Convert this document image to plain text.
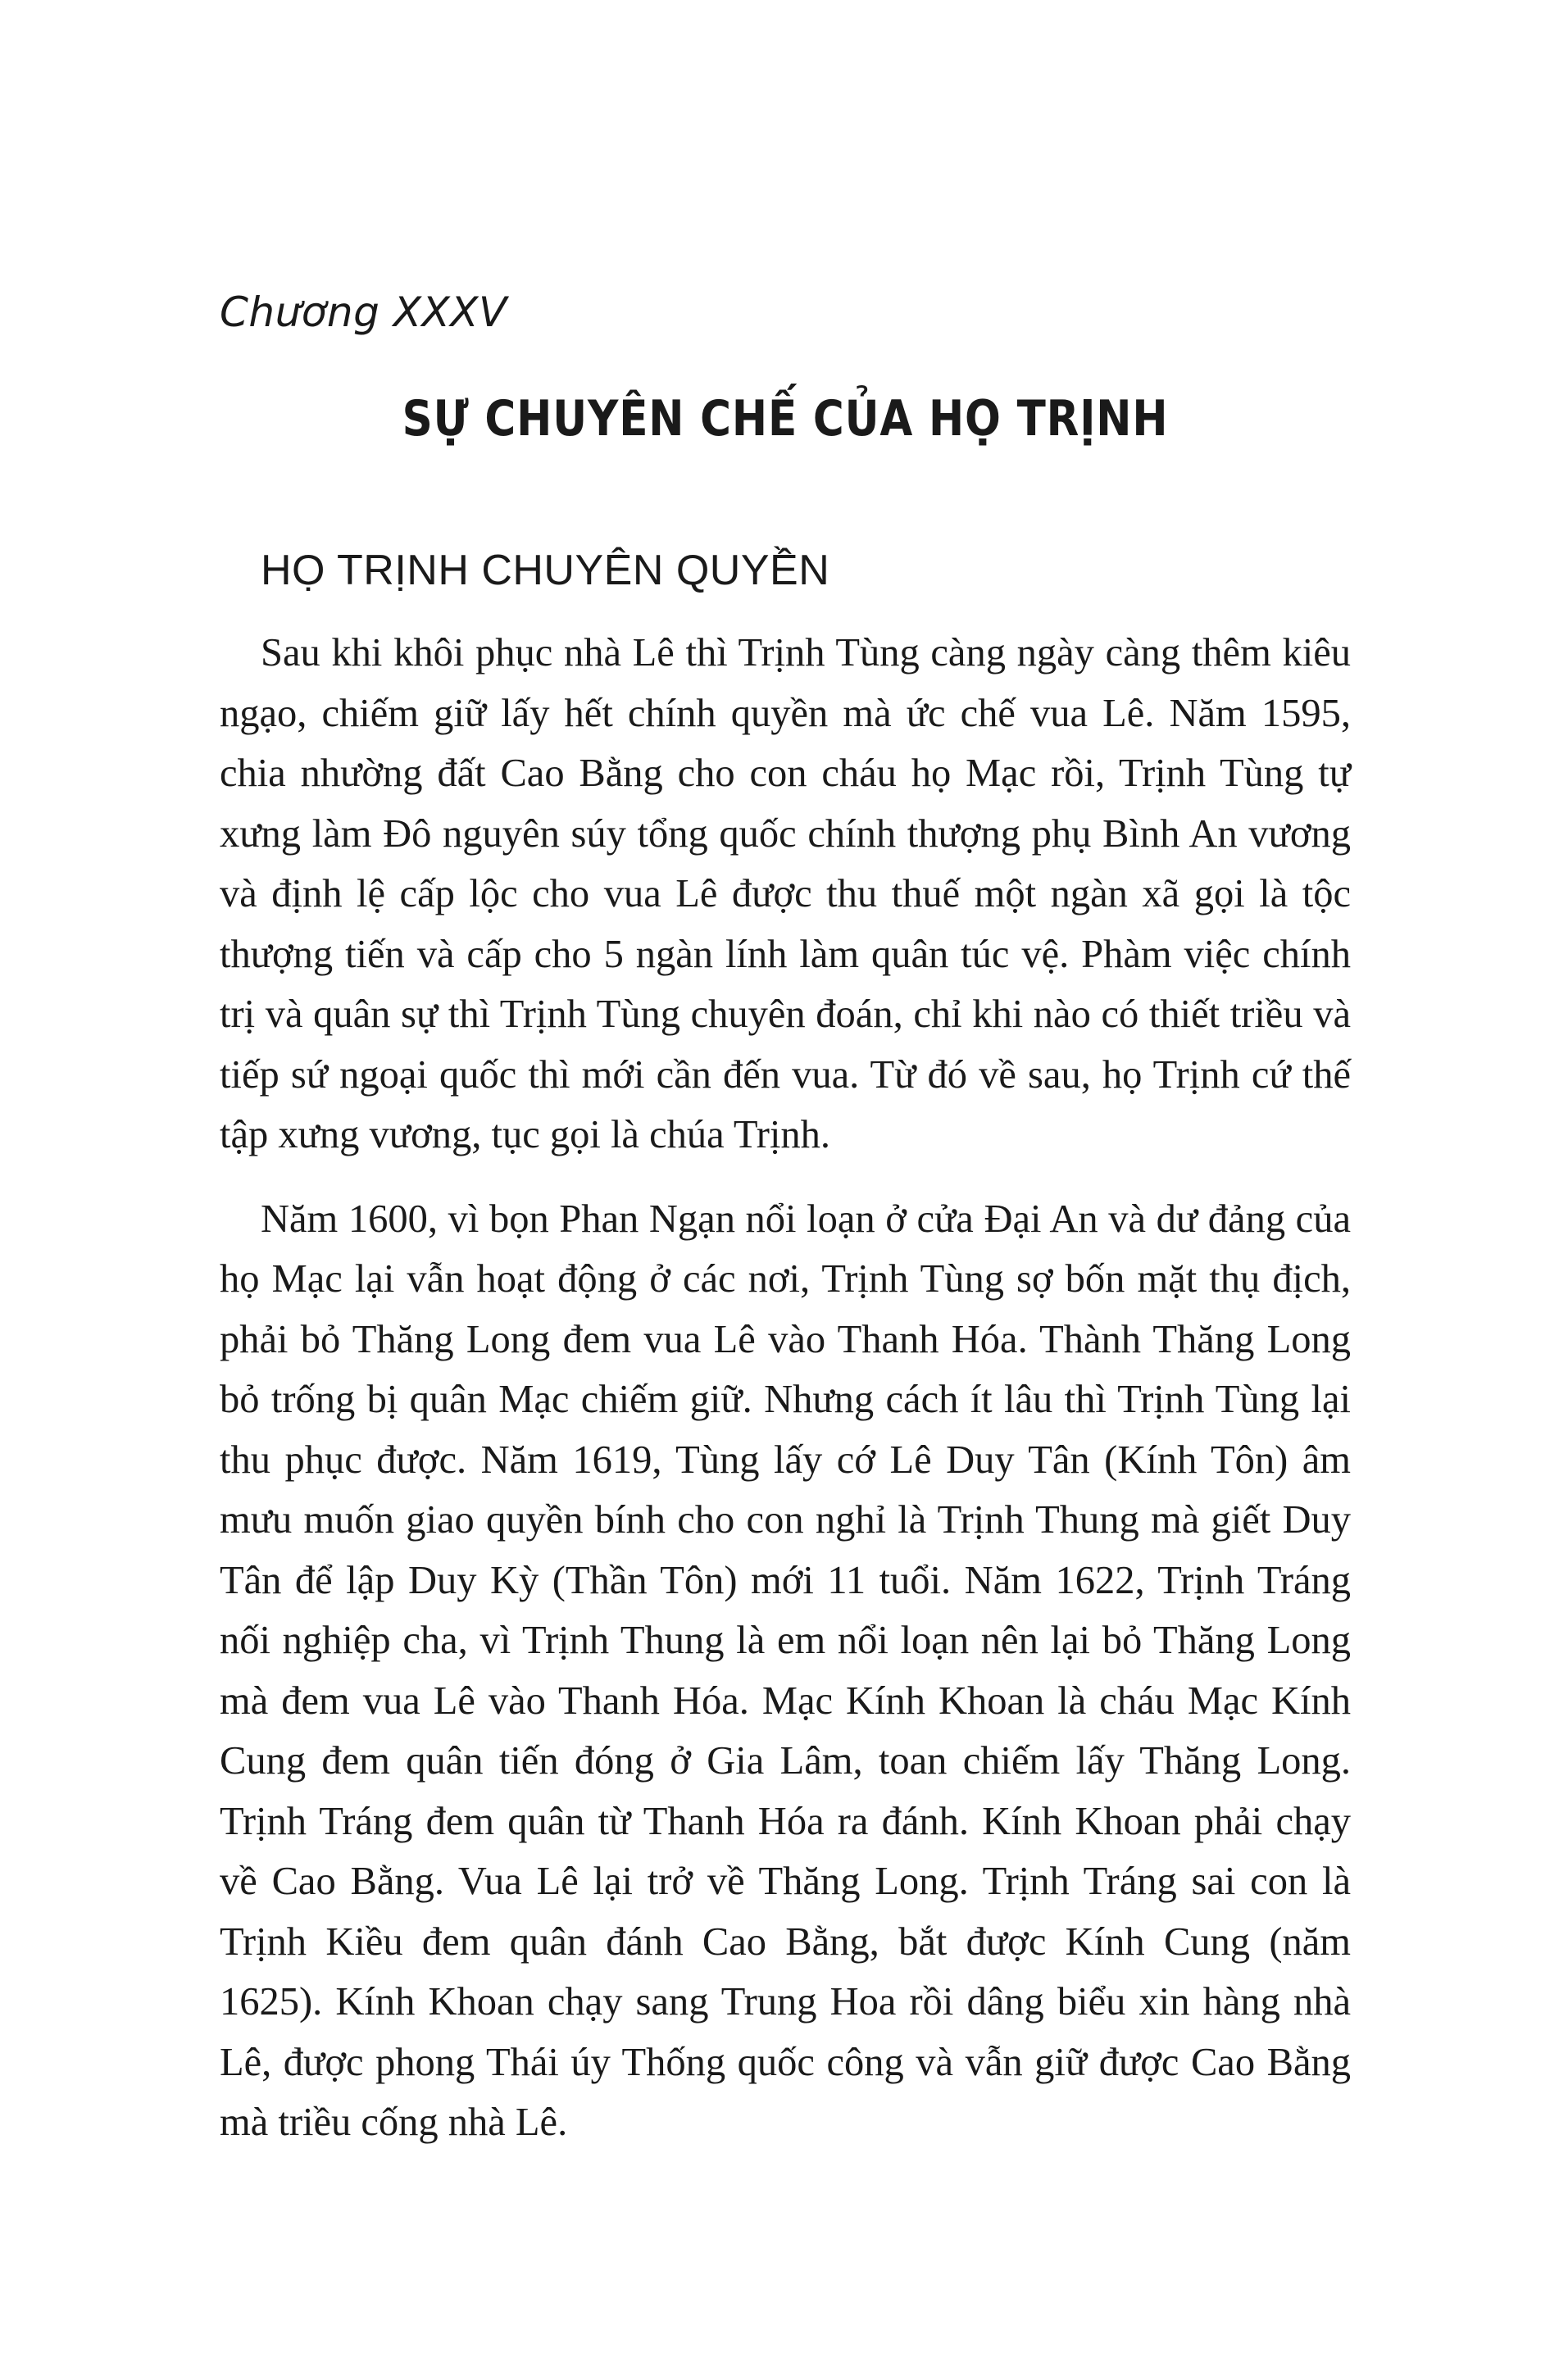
Chương XXXV
SỰ CHUYÊN CHẾ CỦA HỌ TRỊNH
HỌ TRỊNH CHUYÊN QUYỀN

Sau khi khôi phục nhà Lê thì Trịnh Tùng càng ngày càng thêm kiêu ngạo, chiếm giữ lấy hết chính quyền mà ức chế vua Lê. Năm 1595, chia nhường đất Cao Bằng cho con cháu họ Mạc rồi, Trịnh Tùng tự xưng làm Đô nguyên súy tổng quốc chính thượng phụ Bình An vương và định lệ cấp lộc cho vua Lê được thu thuế một ngàn xã gọi là tộc thượng tiến và cấp cho 5 ngàn lính làm quân túc vệ. Phàm việc chính trị và quân sự thì Trịnh Tùng chuyên đoán, chỉ khi nào có thiết triều và tiếp sứ ngoại quốc thì mới cần đến vua. Từ đó về sau, họ Trịnh cứ thế tập xưng vương, tục gọi là chúa Trịnh.

Năm 1600, vì bọn Phan Ngạn nổi loạn ở cửa Đại An và dư đảng của họ Mạc lại vẫn hoạt động ở các nơi, Trịnh Tùng sợ bốn mặt thụ địch, phải bỏ Thăng Long đem vua Lê vào Thanh Hóa. Thành Thăng Long bỏ trống bị quân Mạc chiếm giữ. Nhưng cách ít lâu thì Trịnh Tùng lại thu phục được. Năm 1619, Tùng lấy cớ Lê Duy Tân (Kính Tôn) âm mưu muốn giao quyền bính cho con nghỉ là Trịnh Thung mà giết Duy Tân để lập Duy Kỳ (Thần Tôn) mới 11 tuổi. Năm 1622, Trịnh Tráng nối nghiệp cha, vì Trịnh Thung là em nổi loạn nên lại bỏ Thăng Long mà đem vua Lê vào Thanh Hóa. Mạc Kính Khoan là cháu Mạc Kính Cung đem quân tiến đóng ở Gia Lâm, toan chiếm lấy Thăng Long. Trịnh Tráng đem quân từ Thanh Hóa ra đánh. Kính Khoan phải chạy về Cao Bằng. Vua Lê lại trở về Thăng Long. Trịnh Tráng sai con là Trịnh Kiều đem quân đánh Cao Bằng, bắt được Kính Cung (năm 1625). Kính Khoan chạy sang Trung Hoa rồi dâng biểu xin hàng nhà Lê, được phong Thái úy Thống quốc công và vẫn giữ được Cao Bằng mà triều cống nhà Lê.
